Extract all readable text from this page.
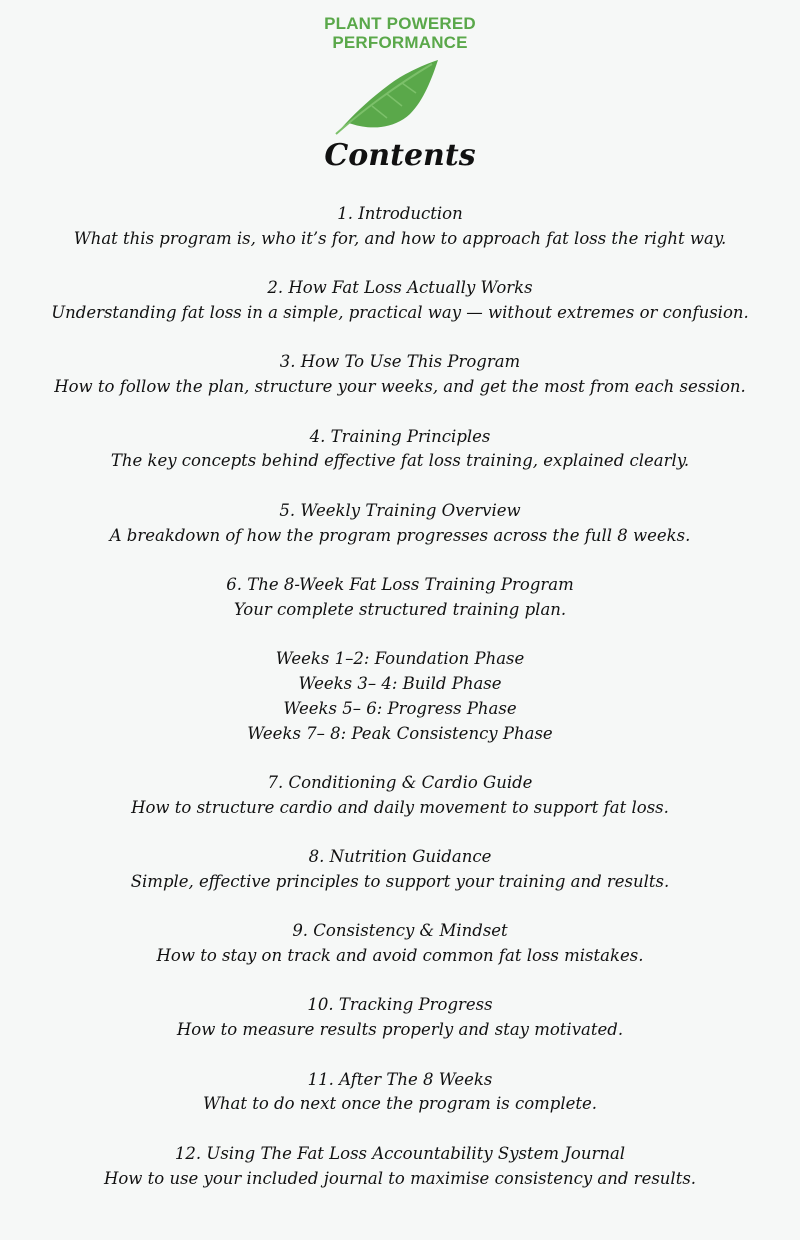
PLANT POWERED

PERFORMANCE

Contents
1. Introduction
What this program is, who it’s for, and how to approach fat loss the right way.
2. How Fat Loss Actually Works
Understanding fat loss in a simple, practical way — without extremes or confusion.
3. How To Use This Program
How to follow the plan, structure your weeks, and get the most from each session.
4. Training Principles
The key concepts behind effective fat loss training, explained clearly.
5. Weekly Training Overview
A breakdown of how the program progresses across the full 8 weeks.
6. The 8-Week Fat Loss Training Program
Your complete structured training plan.
Weeks 1–2: Foundation Phase
Weeks 3– 4: Build Phase
Weeks 5– 6: Progress Phase
Weeks 7– 8: Peak Consistency Phase
7. Conditioning & Cardio Guide
How to structure cardio and daily movement to support fat loss.
8. Nutrition Guidance
Simple, effective principles to support your training and results.
9. Consistency & Mindset
How to stay on track and avoid common fat loss mistakes.
10. Tracking Progress
How to measure results properly and stay motivated.
11. After The 8 Weeks
What to do next once the program is complete.
12. Using The Fat Loss Accountability System Journal
How to use your included journal to maximise consistency and results.
